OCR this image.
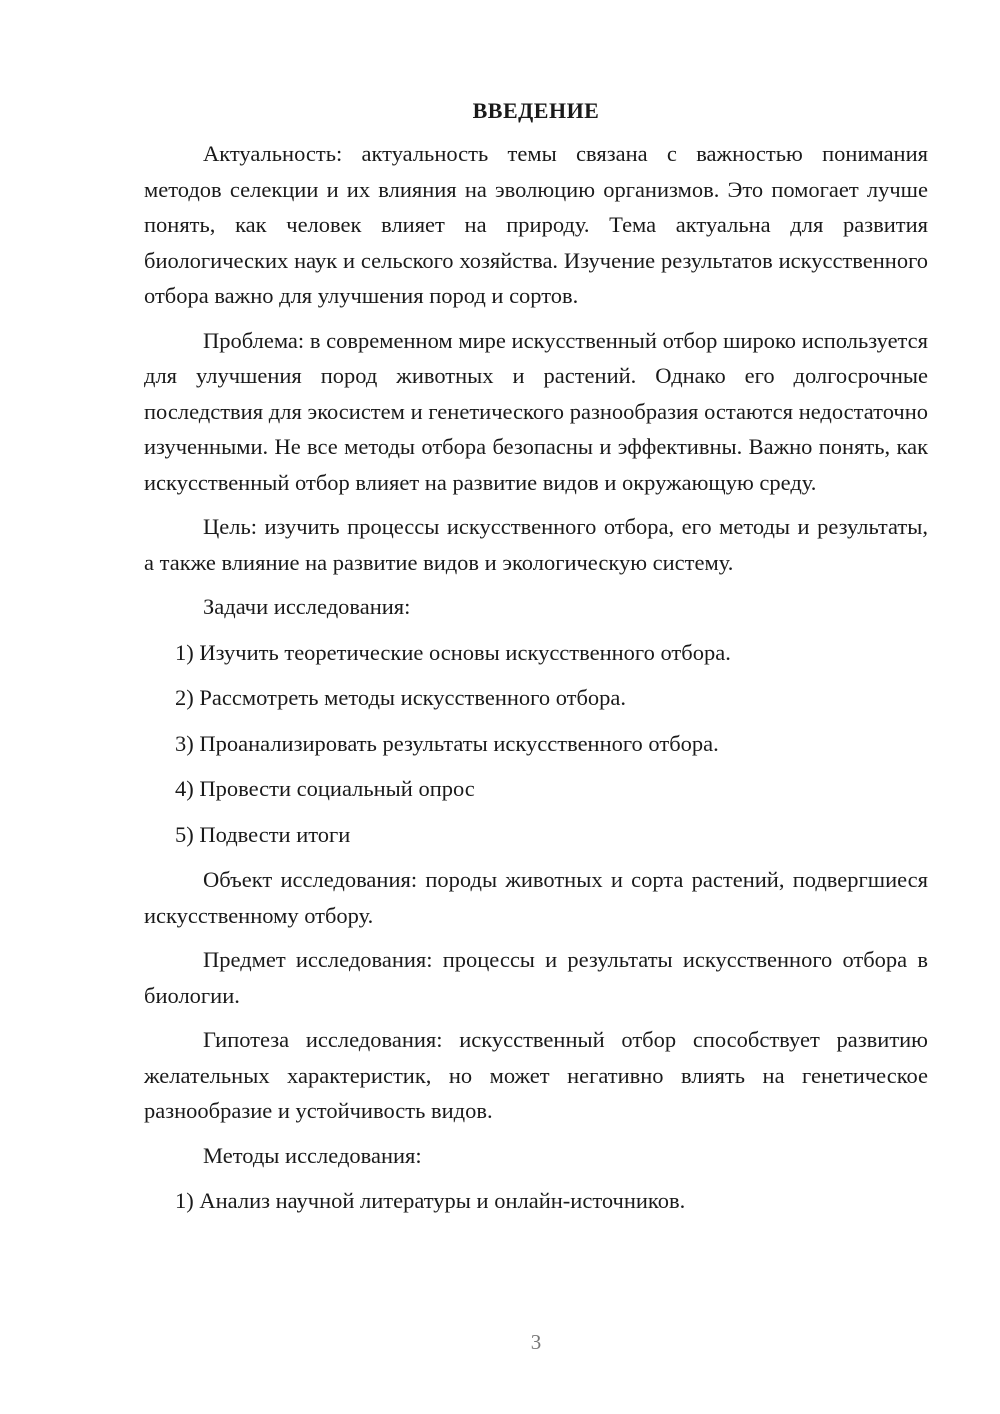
ВВЕДЕНИЕ

Актуальность: актуальность темы связана с важностью понимания методов селекции и их влияния на эволюцию организмов. Это помогает лучше понять, как человек влияет на природу. Тема актуальна для развития биологических наук и сельского хозяйства. Изучение результатов искусственного отбора важно для улучшения пород и сортов.

Проблема: в современном мире искусственный отбор широко используется для улучшения пород животных и растений. Однако его долгосрочные последствия для экосистем и генетического разнообразия остаются недостаточно изученными. Не все методы отбора безопасны и эффективны. Важно понять, как искусственный отбор влияет на развитие видов и окружающую среду.

Цель: изучить процессы искусственного отбора, его методы и результаты, а также влияние на развитие видов и экологическую систему.

Задачи исследования:

1) Изучить теоретические основы искусственного отбора.
2) Рассмотреть методы искусственного отбора.
3) Проанализировать результаты искусственного отбора.
4) Провести социальный опрос
5) Подвести итоги

Объект исследования: породы животных и сорта растений, подвергшиеся искусственному отбору.

Предмет исследования: процессы и результаты искусственного отбора в биологии.

Гипотеза исследования: искусственный отбор способствует развитию желательных характеристик, но может негативно влиять на генетическое разнообразие и устойчивость видов.

Методы исследования:

1) Анализ научной литературы и онлайн-источников.
3
